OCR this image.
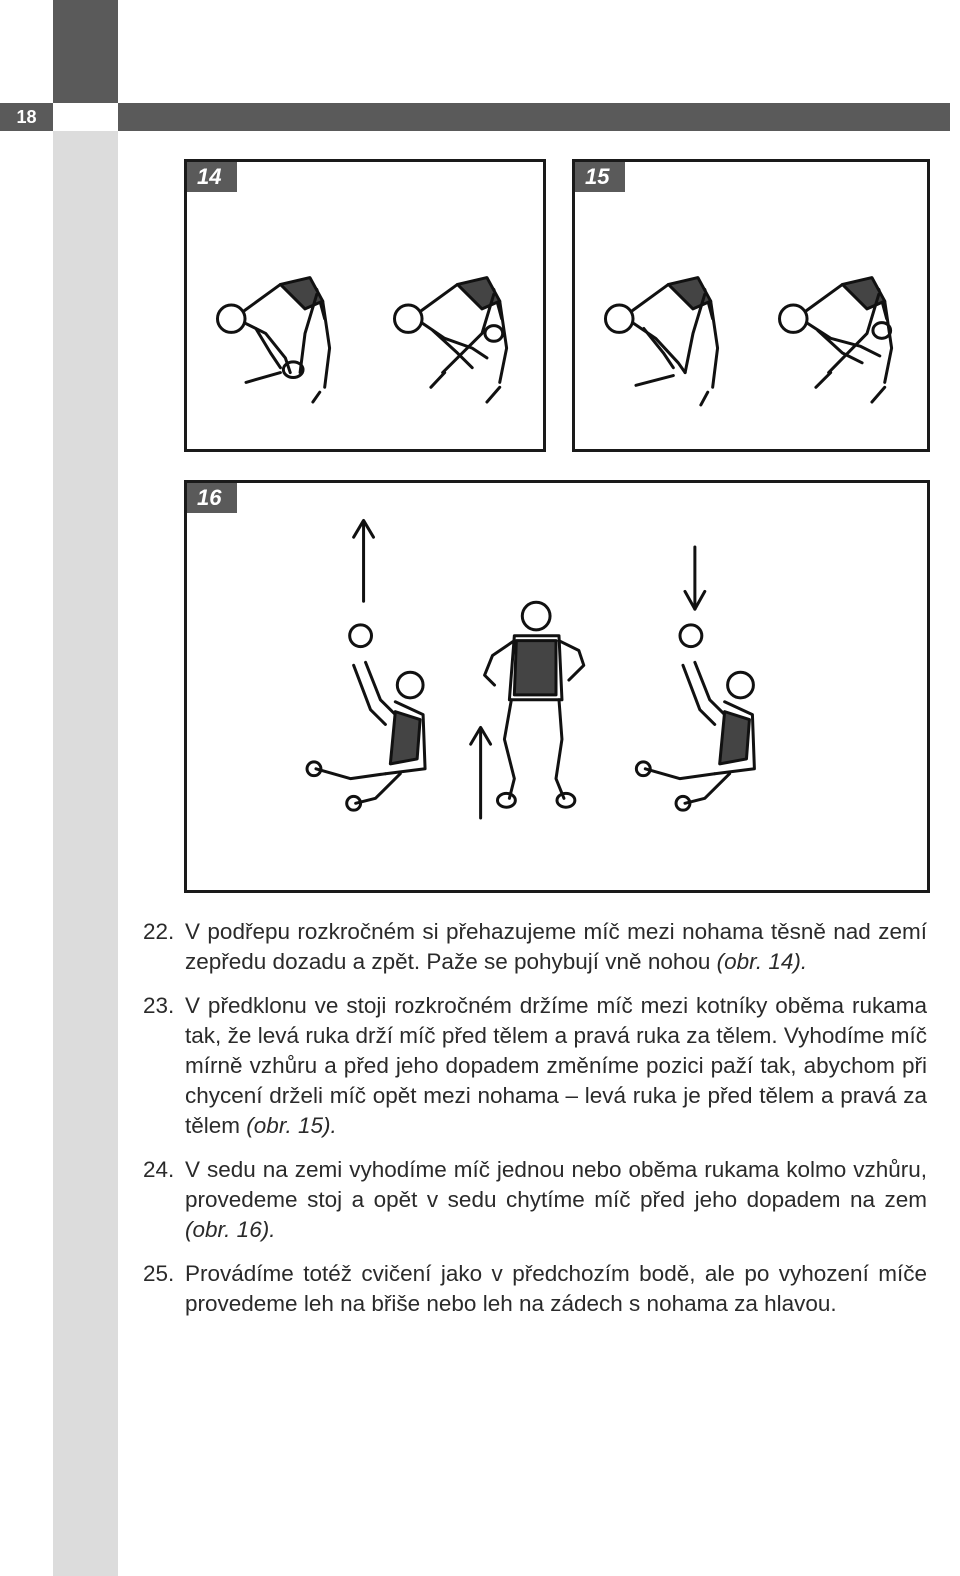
18
14	15
16
22. V podřepu rozkročném si přehazujeme míč mezi nohama těsně nad zemí zepředu dozadu a zpět. Paže se pohybují vně nohou (obr. 14).
23. V předklonu ve stoji rozkročném držíme míč mezi kotníky oběma rukama tak, že levá ruka drží míč před tělem a pravá ruka za tělem. Vyhodíme míč mírně vzhůru a před jeho dopadem změníme pozici paží tak, abychom při chycení drželi míč opět mezi nohama – levá ruka je před tělem a pravá za tělem (obr. 15).
24. V sedu na zemi vyhodíme míč jednou nebo oběma rukama kolmo vzhůru, provedeme stoj a opět v sedu chytíme míč před jeho dopadem na zem (obr. 16).
25. Provádíme totéž cvičení jako v předchozím bodě, ale po vyhození míče provedeme leh na břiše nebo leh na zádech s nohama za hlavou.
